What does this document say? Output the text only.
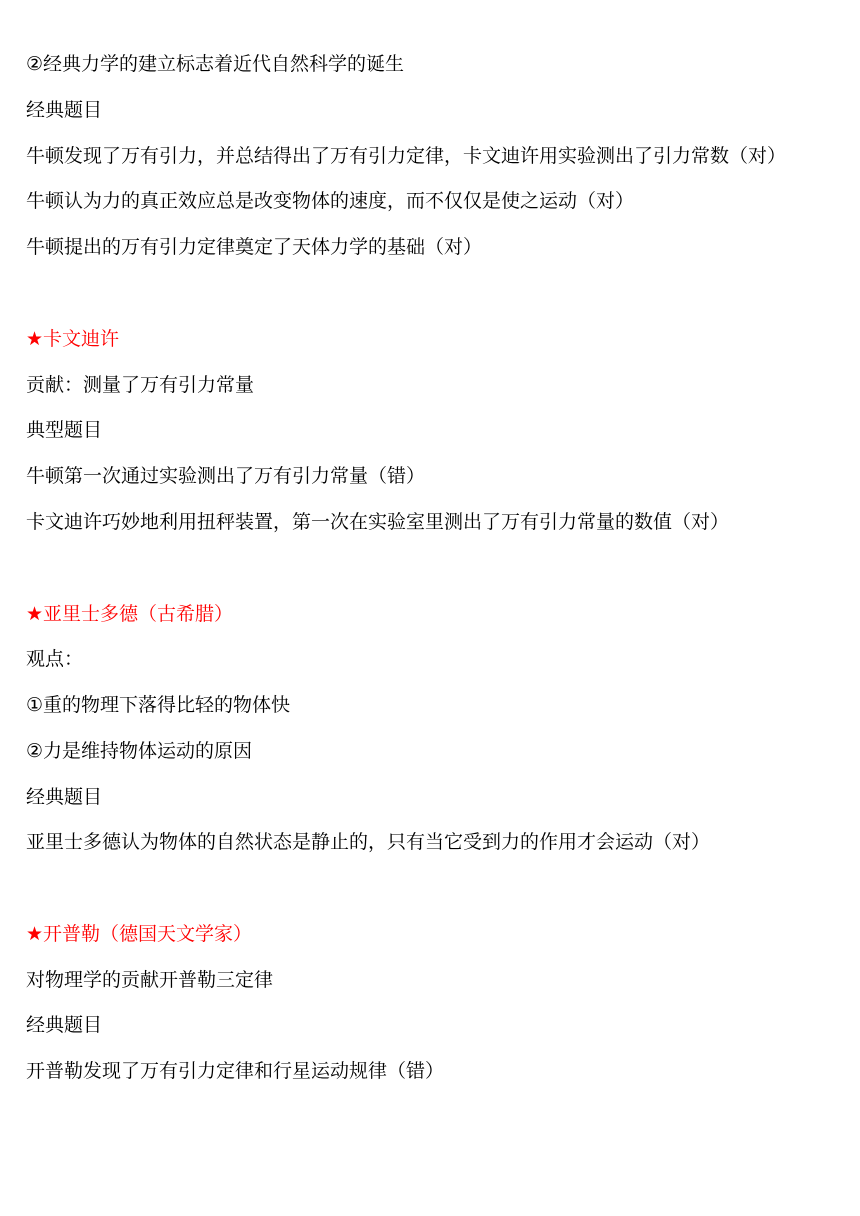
②经典力学的建立标志着近代自然科学的诞生
经典题目
牛顿发现了万有引力，并总结得出了万有引力定律，卡文迪许用实验测出了引力常数（对）
牛顿认为力的真正效应总是改变物体的速度，而不仅仅是使之运动（对）
牛顿提出的万有引力定律奠定了天体力学的基础（对）
★卡文迪许
贡献：测量了万有引力常量
典型题目
牛顿第一次通过实验测出了万有引力常量（错）
卡文迪许巧妙地利用扭秤装置，第一次在实验室里测出了万有引力常量的数值（对）
★亚里士多德（古希腊）
观点：
①重的物理下落得比轻的物体快
②力是维持物体运动的原因
经典题目
亚里士多德认为物体的自然状态是静止的，只有当它受到力的作用才会运动（对）
★开普勒（德国天文学家）
对物理学的贡献开普勒三定律
经典题目
开普勒发现了万有引力定律和行星运动规律（错）
